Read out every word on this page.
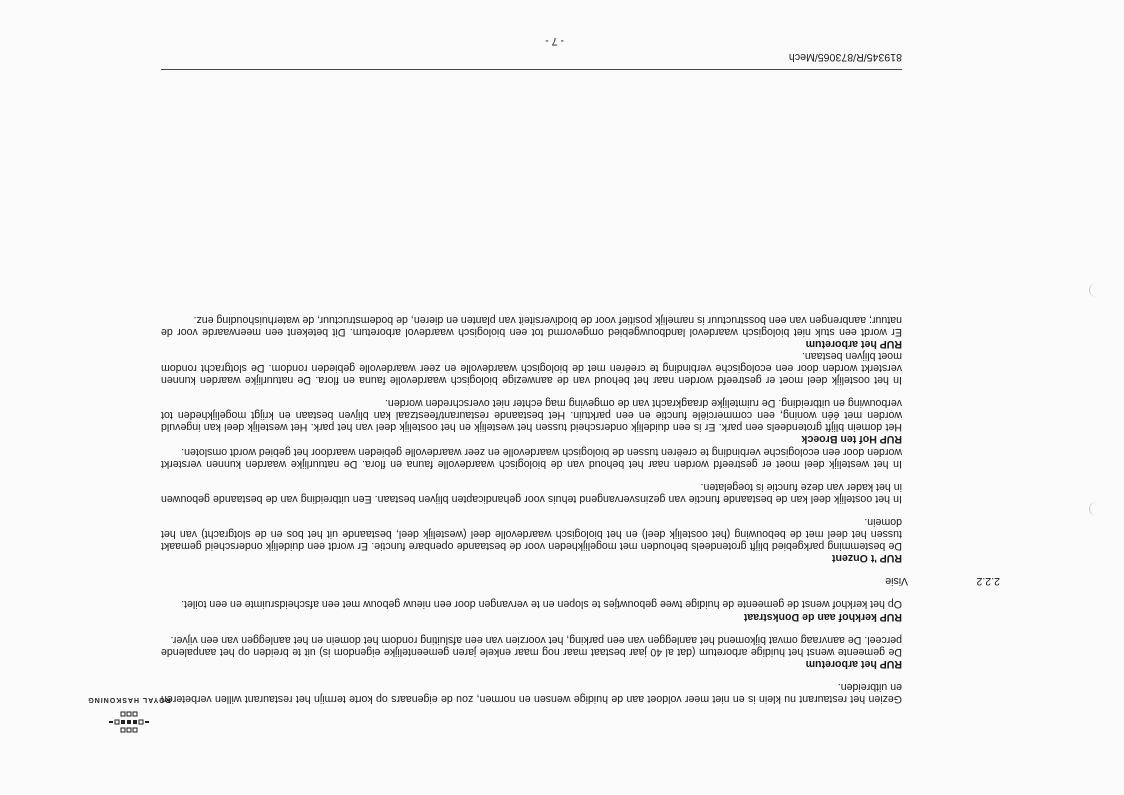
ROYAL HASKONING

Gezien het restaurant nu klein is en niet meer voldoet aan de huidige wensen en normen, zou de eigenaars op korte termijn het restaurant willen verbeteren en uitbreiden.

RUP het arboretum

De gemeente wenst het huidige arboretum (dat al 40 jaar bestaat maar nog maar enkele jaren gemeentelijke eigendom is) uit te breiden op het aanpalende perceel. De aanvraag omvat bijkomend het aanleggen van een parking, het voorzien van een afsluiting rondom het domein en het aanleggen van een vijver.

RUP kerkhof aan de Donkstraat

Op het kerkhof wenst de gemeente de huidige twee gebouwtjes te slopen en te vervangen door een nieuw gebouw met een afscheidsruimte en een toilet.

2.2.2
Visie

RUP 't Onzent

De bestemming parkgebied blijft grotendeels behouden met mogelijkheden voor de bestaande openbare functie. Er wordt een duidelijk onderscheid gemaakt tussen het deel met de bebouwing (het oostelijk deel) en het biologisch waardevolle deel (westelijk deel, bestaande uit het bos en de slotgracht) van het domein.

In het oostelijk deel kan de bestaande functie van gezinsvervangend tehuis voor gehandicapten blijven bestaan. Een uitbreiding van de bestaande gebouwen in het kader van deze functie is toegelaten.

In het westelijk deel moet er gestreefd worden naar het behoud van de biologisch waardevolle fauna en flora. De natuurlijke waarden kunnen versterkt worden door een ecologische verbinding te creëren tussen de biologisch waardevolle en zeer waardevolle gebieden waardoor het gebied wordt omsloten.

RUP Hof ten Broeck

Het domein blijft grotendeels een park. Er is een duidelijk onderscheid tussen het westelijk en het oostelijk deel van het park. Het westelijk deel kan ingevuld worden met één woning, een commerciële functie en een parktuin. Het bestaande restaurant/feestzaal kan blijven bestaan en krijgt mogelijkheden tot verbouwing en uitbreiding. De ruimtelijke draagkracht van de omgeving mag echter niet overschreden worden.

In het oostelijk deel moet er gestreefd worden naar het behoud van de aanwezige biologisch waardevolle fauna en flora. De natuurlijke waarden kunnen versterkt worden door een ecologische verbinding te creëren met de biologisch waardevolle en zeer waardevolle gebieden rondom. De slotgracht rondom moet blijven bestaan.

RUP het arboretum

Er wordt een stuk niet biologisch waardevol landbouwgebied omgevormd tot een biologisch waardevol arboretum. Dit betekent een meerwaarde voor de natuur; aanbrengen van een bosstructuur is namelijk positief voor de biodiversiteit van planten en dieren, de bodemstructuur, de waterhuishouding enz.

819345/R/873065/Mech
- 7 -
